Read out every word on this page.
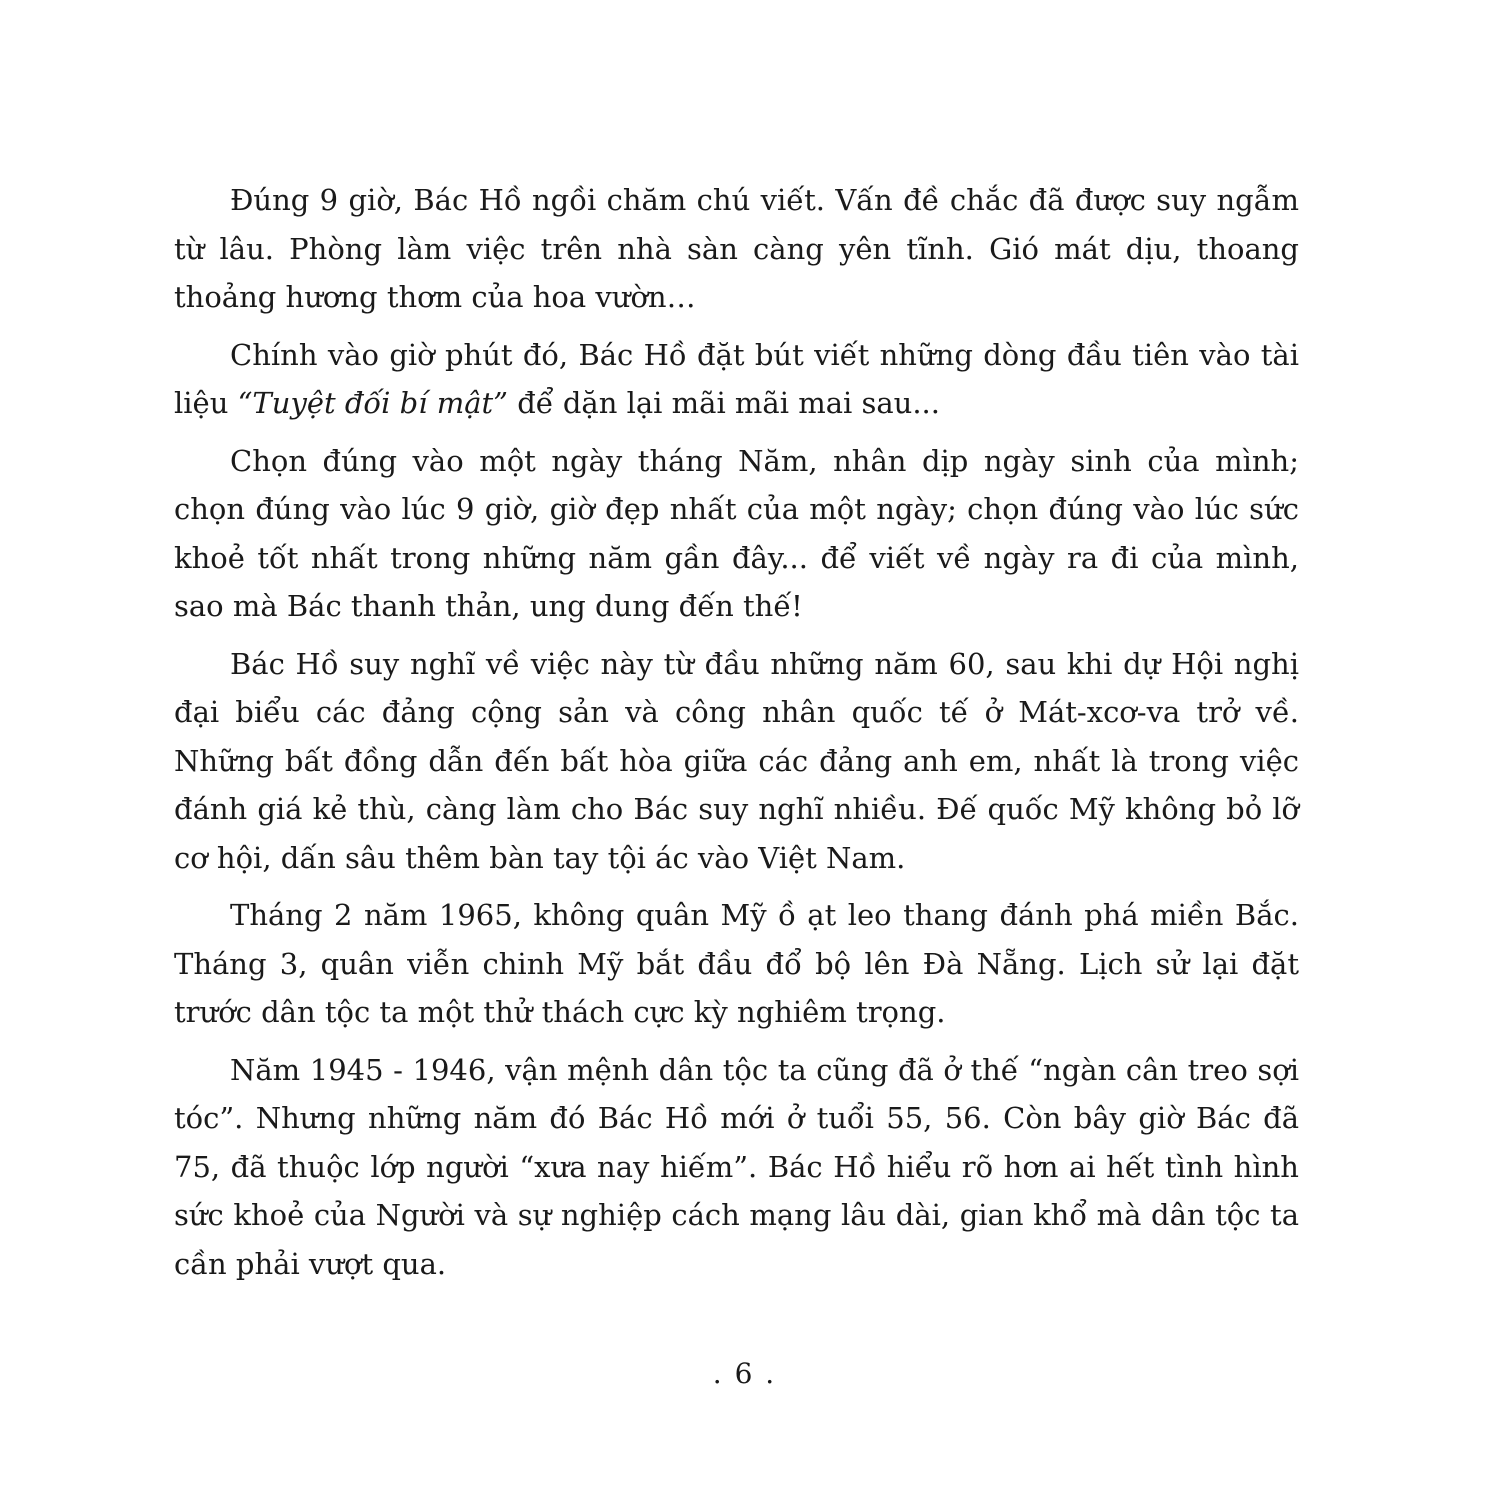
Đúng 9 giờ, Bác Hồ ngồi chăm chú viết. Vấn đề chắc đã được suy ngẫm từ lâu. Phòng làm việc trên nhà sàn càng yên tĩnh. Gió mát dịu, thoang thoảng hương thơm của hoa vườn…

Chính vào giờ phút đó, Bác Hồ đặt bút viết những dòng đầu tiên vào tài liệu “Tuyệt đối bí mật” để dặn lại mãi mãi mai sau...

Chọn đúng vào một ngày tháng Năm, nhân dịp ngày sinh của mình; chọn đúng vào lúc 9 giờ, giờ đẹp nhất của một ngày; chọn đúng vào lúc sức khoẻ tốt nhất trong những năm gần đây... để viết về ngày ra đi của mình, sao mà Bác thanh thản, ung dung đến thế!

Bác Hồ suy nghĩ về việc này từ đầu những năm 60, sau khi dự Hội nghị đại biểu các đảng cộng sản và công nhân quốc tế ở Mát-xcơ-va trở về. Những bất đồng dẫn đến bất hòa giữa các đảng anh em, nhất là trong việc đánh giá kẻ thù, càng làm cho Bác suy nghĩ nhiều. Đế quốc Mỹ không bỏ lỡ cơ hội, dấn sâu thêm bàn tay tội ác vào Việt Nam.

Tháng 2 năm 1965, không quân Mỹ ồ ạt leo thang đánh phá miền Bắc. Tháng 3, quân viễn chinh Mỹ bắt đầu đổ bộ lên Đà Nẵng. Lịch sử lại đặt trước dân tộc ta một thử thách cực kỳ nghiêm trọng.

Năm 1945 - 1946, vận mệnh dân tộc ta cũng đã ở thế “ngàn cân treo sợi tóc”. Nhưng những năm đó Bác Hồ mới ở tuổi 55, 56. Còn bây giờ Bác đã 75, đã thuộc lớp người “xưa nay hiếm”. Bác Hồ hiểu rõ hơn ai hết tình hình sức khoẻ của Người và sự nghiệp cách mạng lâu dài, gian khổ mà dân tộc ta cần phải vượt qua.

. 6 .
